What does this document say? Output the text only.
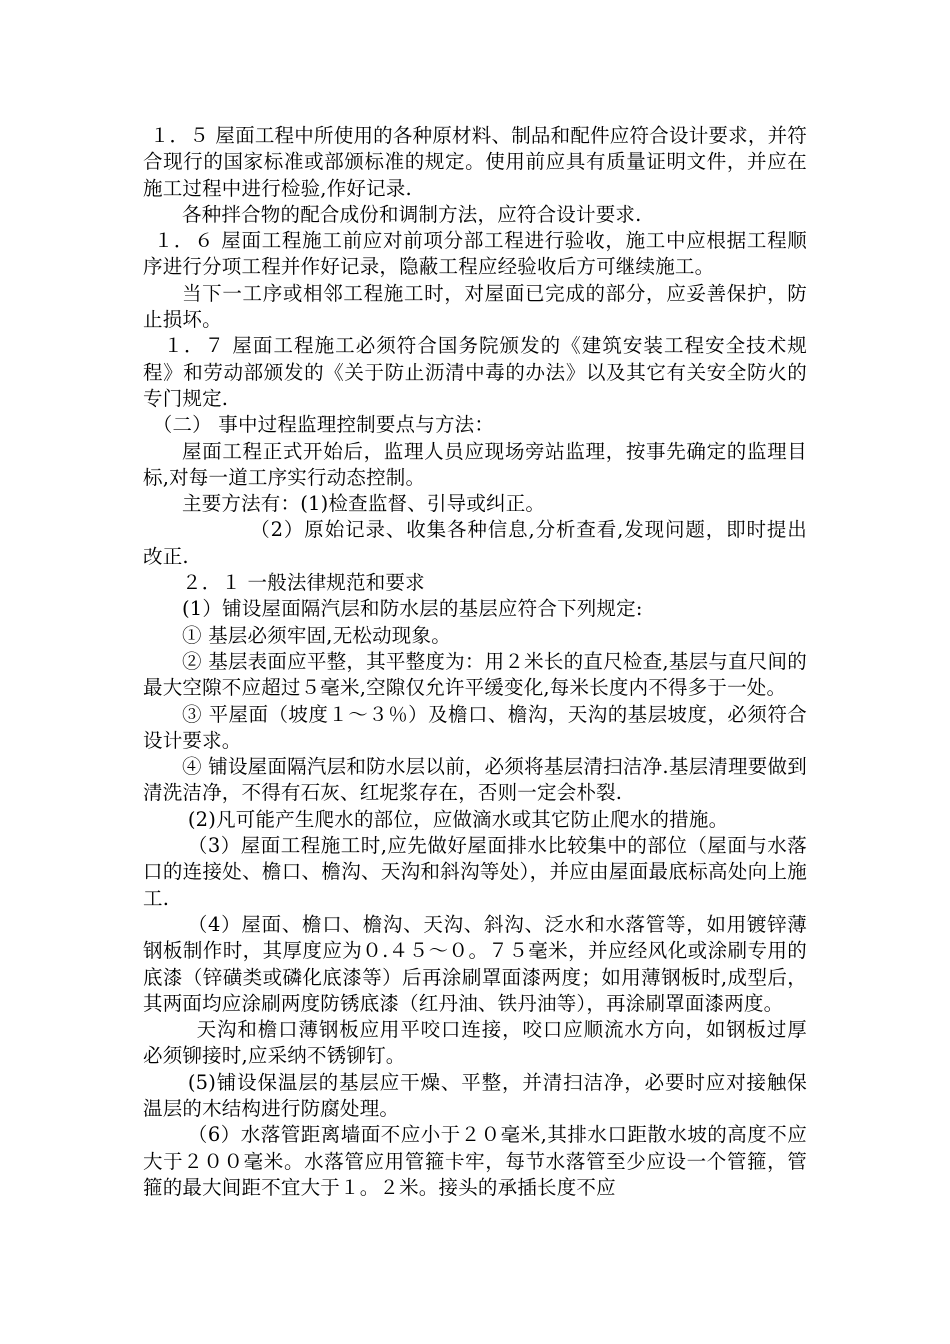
１．５ 屋面工程中所使用的各种原材料、制品和配件应符合设计要求，并符合现行的国家标准或部颁标准的规定。使用前应具有质量证明文件，并应在施工过程中进行检验,作好记录.

各种拌合物的配合成份和调制方法，应符合设计要求.

１．６ 屋面工程施工前应对前项分部工程进行验收，施工中应根据工程顺序进行分项工程并作好记录，隐蔽工程应经验收后方可继续施工。

当下一工序或相邻工程施工时，对屋面已完成的部分，应妥善保护，防止损坏。

１．７ 屋面工程施工必须符合国务院颁发的《建筑安装工程安全技术规程》和劳动部颁发的《关于防止沥清中毒的办法》以及其它有关安全防火的专门规定.

（二） 事中过程监理控制要点与方法：

屋面工程正式开始后，监理人员应现场旁站监理，按事先确定的监理目标,对每一道工序实行动态控制。

主要方法有：(1)检查监督、引导或纠正。

（2）原始记录、收集各种信息,分析查看,发现问题，即时提出改正.

２．１ 一般法律规范和要求

(1）铺设屋面隔汽层和防水层的基层应符合下列规定:

① 基层必须牢固,无松动现象。

② 基层表面应平整，其平整度为：用２米长的直尺检查,基层与直尺间的最大空隙不应超过５毫米,空隙仅允许平缓变化,每米长度内不得多于一处。

③ 平屋面（坡度１～３％）及檐口、檐沟，天沟的基层坡度，必须符合设计要求。

④ 铺设屋面隔汽层和防水层以前，必须将基层清扫洁净.基层清理要做到清洗洁净，不得有石灰、红坭浆存在，否则一定会朴裂.

(2)凡可能产生爬水的部位，应做滴水或其它防止爬水的措施。

（3）屋面工程施工时,应先做好屋面排水比较集中的部位（屋面与水落口的连接处、檐口、檐沟、天沟和斜沟等处），并应由屋面最底标高处向上施工.

（4）屋面、檐口、檐沟、天沟、斜沟、泛水和水落管等，如用镀锌薄钢板制作时，其厚度应为０.４５～０。７５毫米，并应经风化或涂刷专用的底漆（锌磺类或磷化底漆等）后再涂刷罩面漆两度；如用薄钢板时,成型后，其两面均应涂刷两度防锈底漆（红丹油、铁丹油等），再涂刷罩面漆两度。

天沟和檐口薄钢板应用平咬口连接，咬口应顺流水方向，如钢板过厚必须铆接时,应采纳不锈铆钉。

(5)铺设保温层的基层应干燥、平整，并清扫洁净，必要时应对接触保温层的木结构进行防腐处理。

（6）水落管距离墙面不应小于２０毫米,其排水口距散水坡的高度不应大于２００毫米。水落管应用管箍卡牢，每节水落管至少应设一个管箍，管箍的最大间距不宜大于１。２米。接头的承插长度不应
